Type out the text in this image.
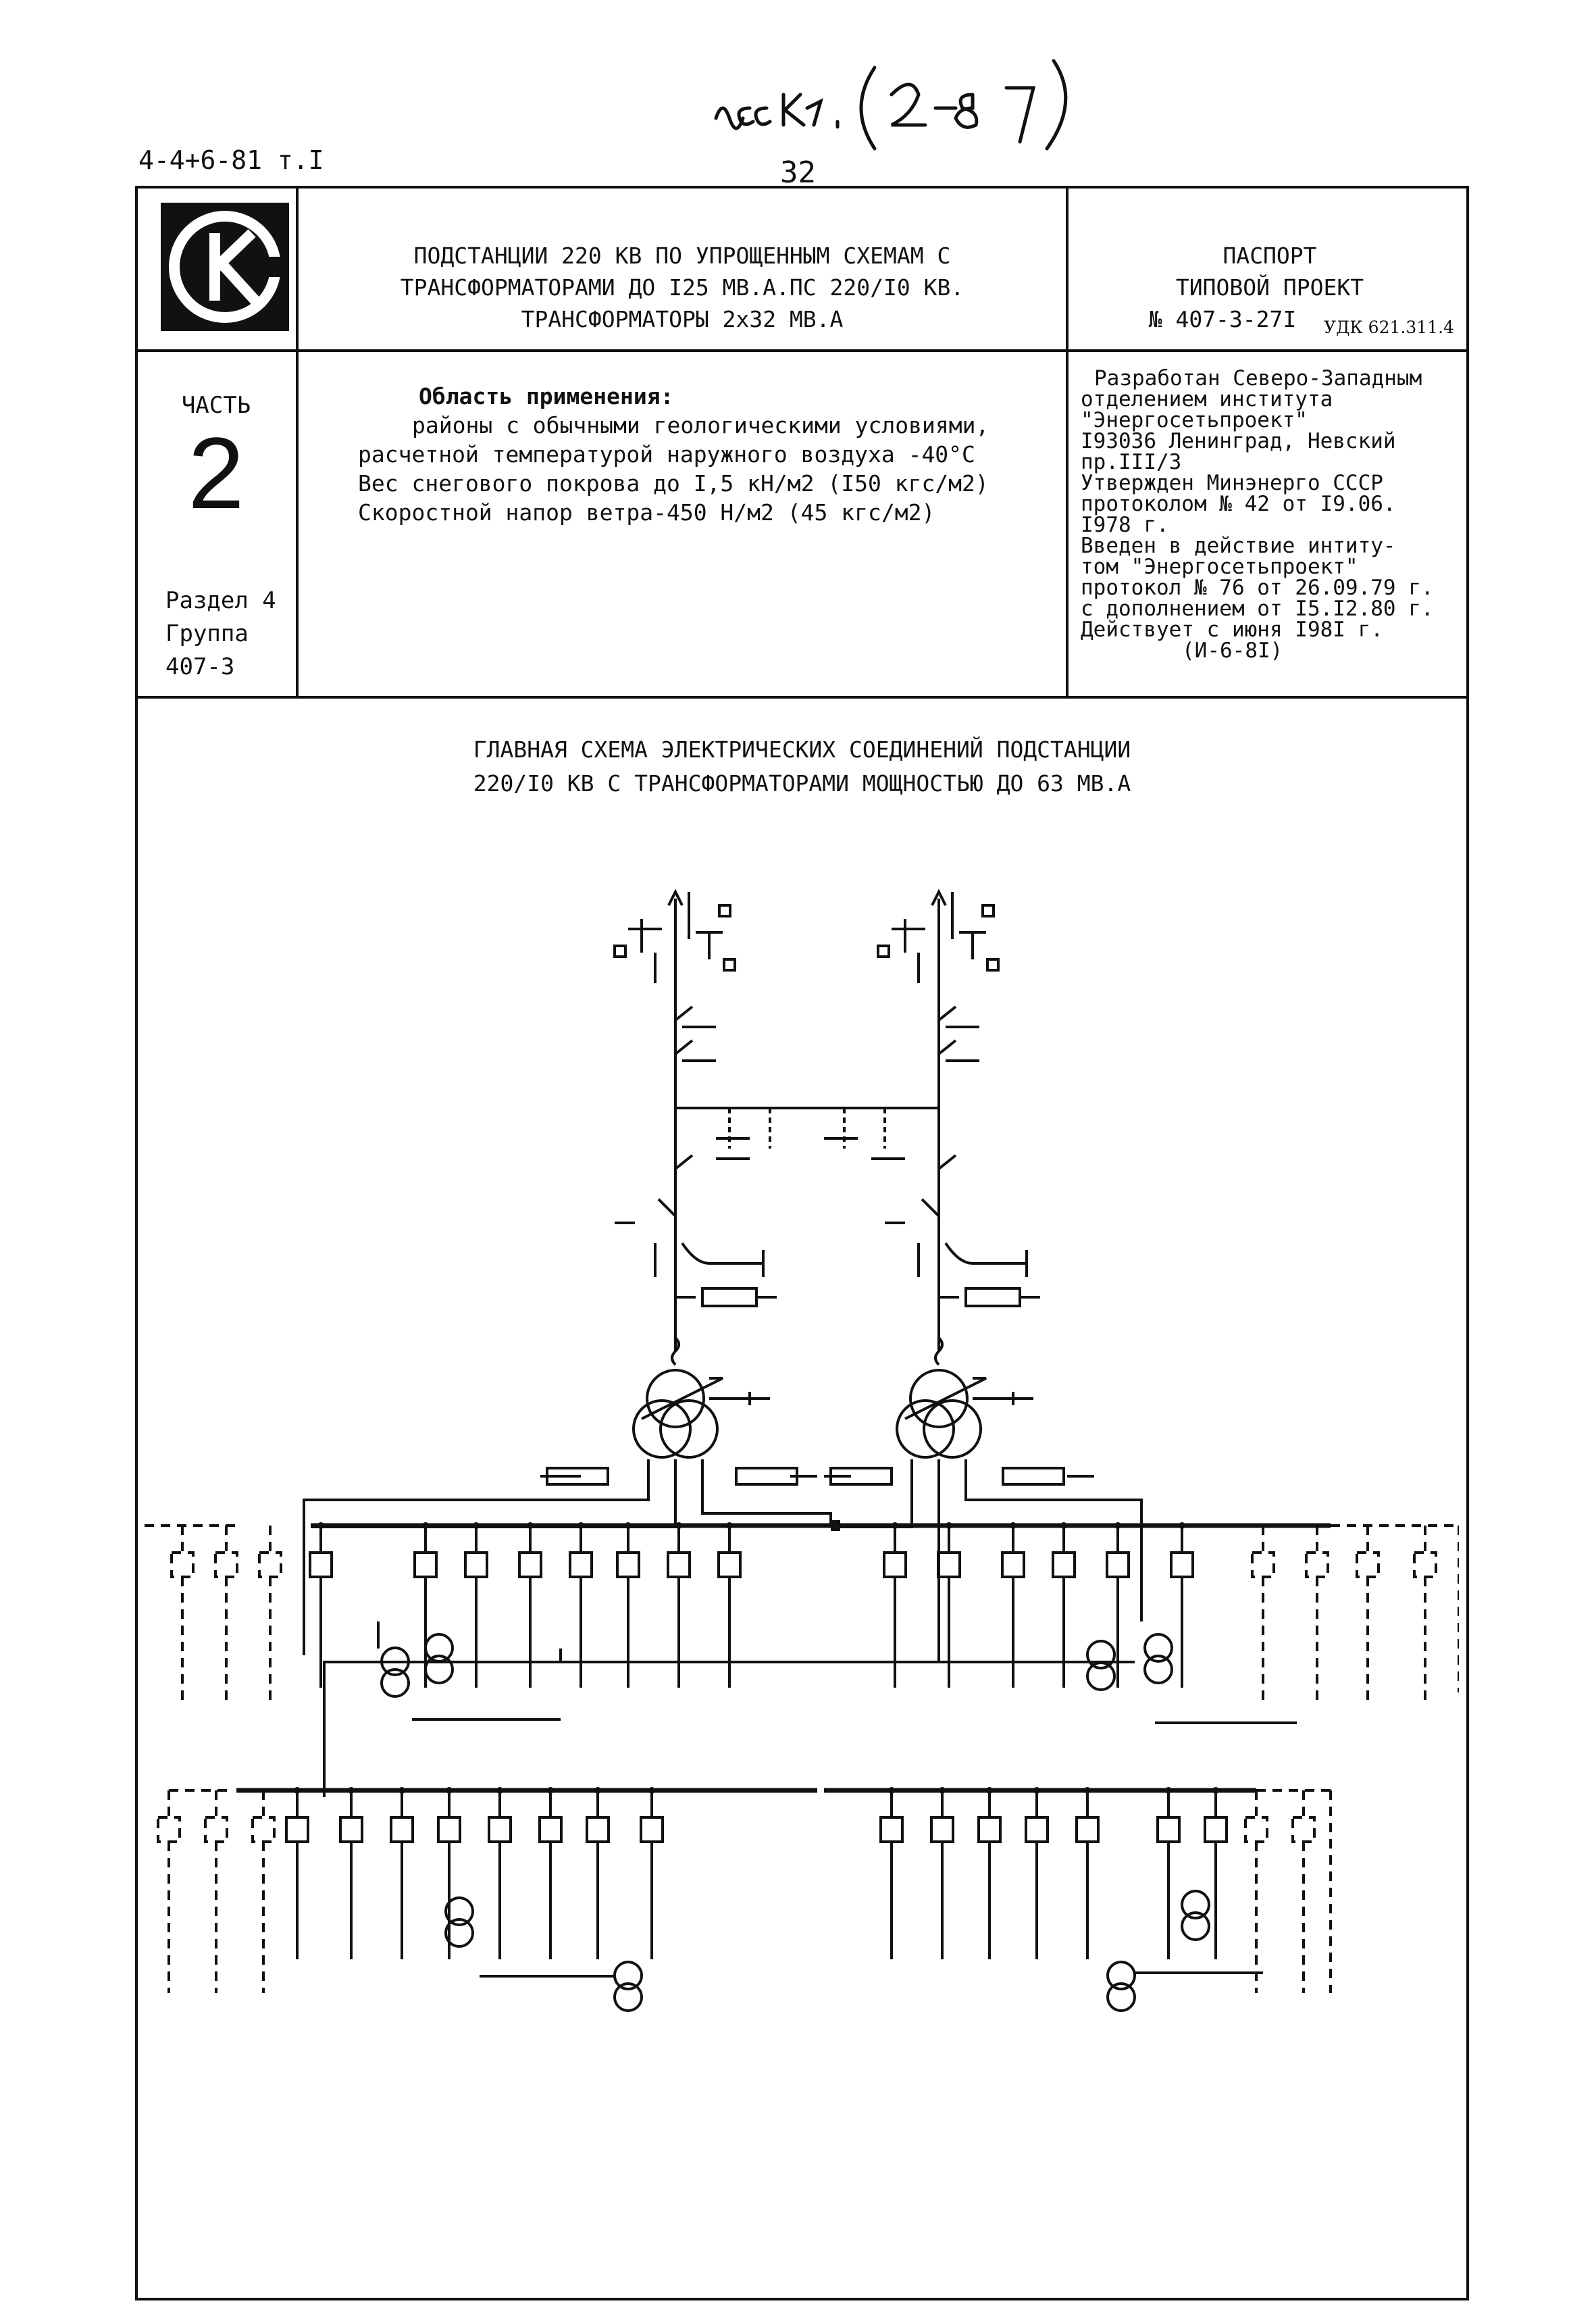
4-4+6-81 т.I	32
ПОДСТАНЦИИ 220 КВ ПО УПРОЩЕННЫМ СХЕМАМ С
ТРАНСФОРМАТОРАМИ ДО I25 МВ.А.ПС 220/I0 КВ.
ТРАНСФОРМАТОРЫ 2х32 МВ.А
ПАСПОРТ
ТИПОВОЙ ПРОЕКТ
№ 407-3-27I	УДК 621.311.4
ЧАСТЬ
2
Раздел 4
Группа
407-3
Область применения:
районы с обычными геологическими условиями,
расчетной температурой наружного воздуха -40°С
Вес снегового покрова до I,5 кН/м2 (I50 кгс/м2)
Скоростной напор ветра-450 Н/м2 (45 кгс/м2)
Разработан Северо-Западным
отделением института
"Энергосетьпроект"
I93036 Ленинград, Невский
пр.III/3
Утвержден Минэнерго СССР
протоколом № 42 от I9.06.
I978 г.
Введен в действие интиту-
том "Энергосетьпроект"
протокол № 76 от 26.09.79 г.
с дополнением от I5.I2.80 г.
Действует с июня I98I г.
(И-6-8I)
ГЛАВНАЯ СХЕМА ЭЛЕКТРИЧЕСКИХ СОЕДИНЕНИЙ ПОДСТАНЦИИ
220/I0 КВ С ТРАНСФОРМАТОРАМИ МОЩНОСТЬЮ ДО 63 МВ.А
